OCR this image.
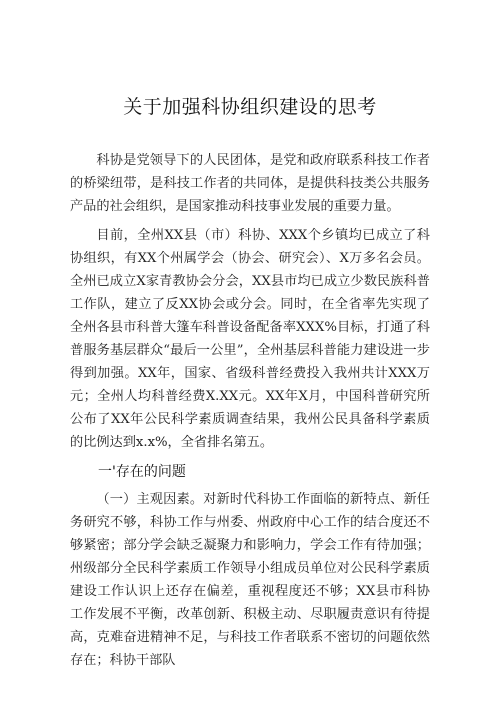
关于加强科协组织建设的思考

科协是党领导下的人民团体，是党和政府联系科技工作者的桥梁纽带，是科技工作者的共同体，是提供科技类公共服务产品的社会组织，是国家推动科技事业发展的重要力量。

目前，全州XX县（市）科协、XXX个乡镇均已成立了科协组织，有XX个州属学会（协会、研究会）、X万多名会员。全州已成立X家青教协会分会，XX县市均已成立少数民族科普工作队，建立了反XX协会或分会。同时，在全省率先实现了全州各县市科普大篷车科普设备配备率XXX%目标，打通了科普服务基层群众“最后一公里”，全州基层科普能力建设进一步得到加强。XX年，国家、省级科普经费投入我州共计XXX万元；全州人均科普经费X.XX元。XX年X月，中国科普研究所公布了XX年公民科学素质调查结果，我州公民具备科学素质的比例达到x.x%，全省排名第五。

一'存在的问题

（一）主观因素。对新时代科协工作面临的新特点、新任务研究不够，科协工作与州委、州政府中心工作的结合度还不够紧密；部分学会缺乏凝聚力和影响力，学会工作有待加强；州级部分全民科学素质工作领导小组成员单位对公民科学素质建设工作认识上还存在偏差，重视程度还不够；XX县市科协工作发展不平衡，改革创新、积极主动、尽职履责意识有待提高，克难奋进精神不足，与科技工作者联系不密切的问题依然存在；科协干部队
